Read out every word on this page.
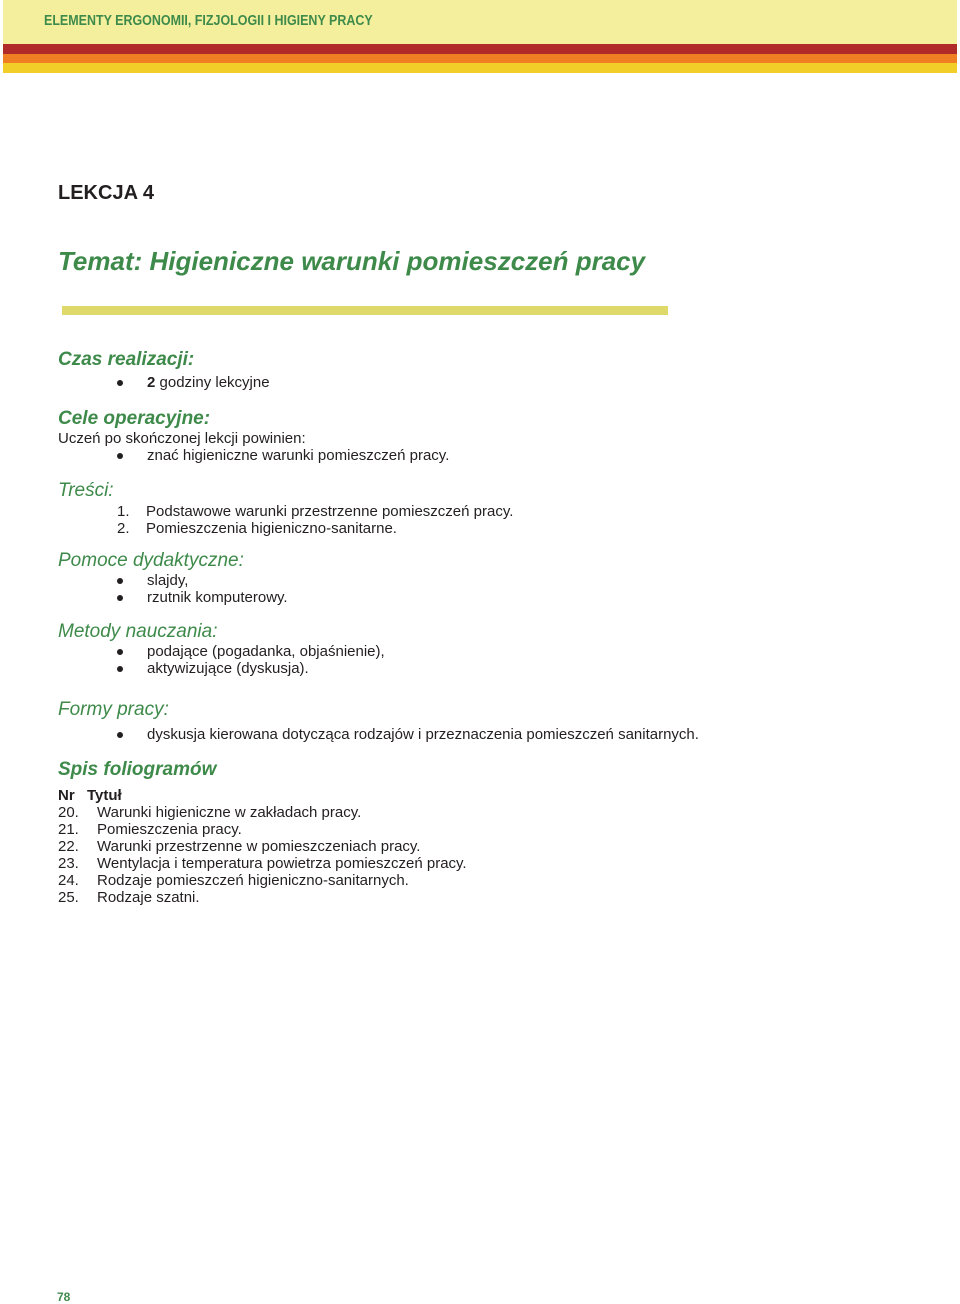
ELEMENTY ERGONOMII, FIZJOLOGII I HIGIENY PRACY
LEKCJA 4
Temat: Higieniczne warunki pomieszczeń pracy
Czas realizacji:
2 godziny lekcyjne
Cele operacyjne:
Uczeń po skończonej lekcji powinien:
znać higieniczne warunki pomieszczeń pracy.
Treści:
1. Podstawowe warunki przestrzenne pomieszczeń pracy.
2. Pomieszczenia higieniczno-sanitarne.
Pomoce dydaktyczne:
slajdy,
rzutnik komputerowy.
Metody nauczania:
podające (pogadanka, objaśnienie),
aktywizujące (dyskusja).
Formy pracy:
dyskusja kierowana dotycząca rodzajów i przeznaczenia pomieszczeń sanitarnych.
Spis foliogramów
Nr Tytuł
20. Warunki higieniczne w zakładach pracy.
21. Pomieszczenia pracy.
22. Warunki przestrzenne w pomieszczeniach pracy.
23. Wentylacja i temperatura powietrza pomieszczeń pracy.
24. Rodzaje pomieszczeń higieniczno-sanitarnych.
25. Rodzaje szatni.
78
